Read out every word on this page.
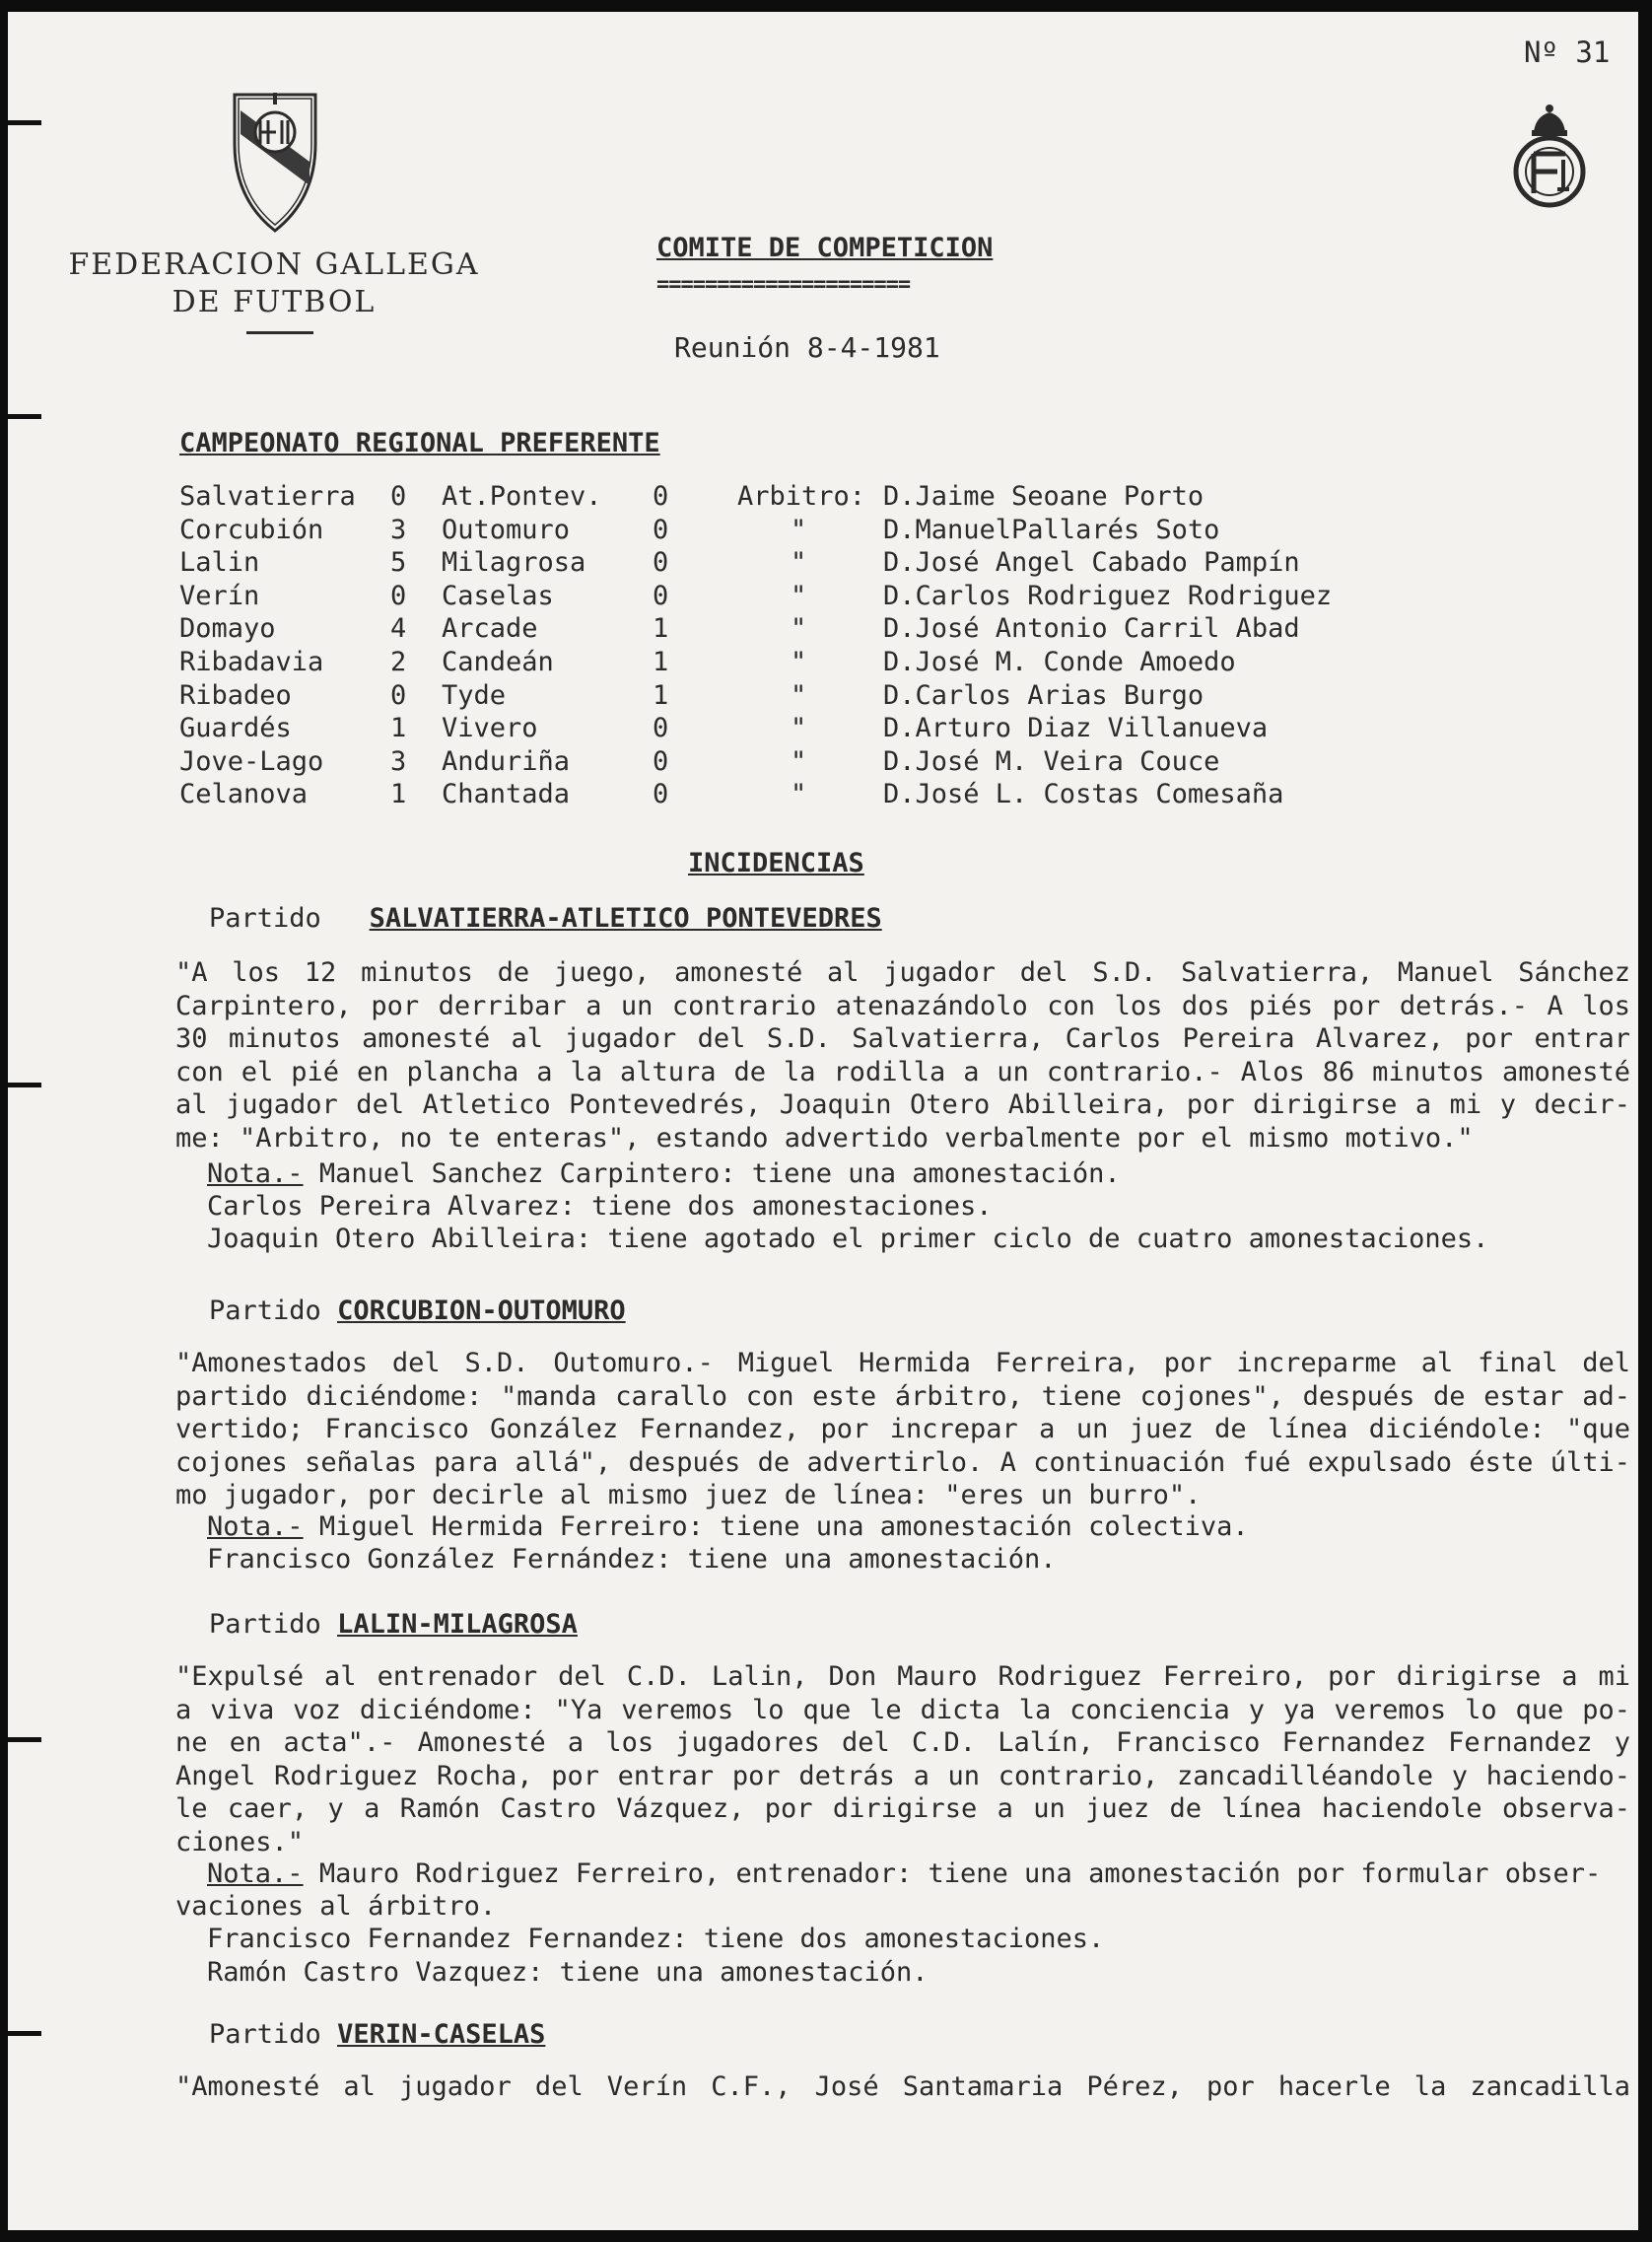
Nº 31
FEDERACION GALLEGA
DE FUTBOL
COMITE DE COMPETICION
=====================
Reunión 8-4-1981
CAMPEONATO REGIONAL PREFERENTE
Salvatierra 0 At.Pontev. 0	Arbitro: D.Jaime Seoane Porto
Corcubión	3 Outomuro	0	"	D.ManuelPallarés Soto
Lalin	5 Milagrosa	0	"	D.José Angel Cabado Pampín
Verín	0 Caselas	0	"	D.Carlos Rodriguez Rodriguez
Domayo	4 Arcade	1	"	D.José Antonio Carril Abad
Ribadavia	2 Candeán	1	"	D.José M. Conde Amoedo
Ribadeo	0 Tyde	1	"	D.Carlos Arias Burgo
Guardés	1 Vivero	0	"	D.Arturo Diaz Villanueva
Jove-Lago	3 Anduriña	0	"	D.José M. Veira Couce
Celanova	1 Chantada	0	"	D.José L. Costas Comesaña
INCIDENCIAS
Partido SALVATIERRA-ATLETICO PONTEVEDRES
"A los 12 minutos de juego, amonesté al jugador del S.D. Salvatierra, Manuel Sánchez
Carpintero, por derribar a un contrario atenazándolo con los dos piés por detrás.- A los
30 minutos amonesté al jugador del S.D. Salvatierra, Carlos Pereira Alvarez, por entrar
con el pié en plancha a la altura de la rodilla a un contrario.- Alos 86 minutos amonesté
al jugador del Atletico Pontevedrés, Joaquin Otero Abilleira, por dirigirse a mi y decir-
me: "Arbitro, no te enteras", estando advertido verbalmente por el mismo motivo."
Nota.- Manuel Sanchez Carpintero: tiene una amonestación.
Carlos Pereira Alvarez: tiene dos amonestaciones.
Joaquin Otero Abilleira: tiene agotado el primer ciclo de cuatro amonestaciones.
Partido CORCUBION-OUTOMURO
"Amonestados del S.D. Outomuro.- Miguel Hermida Ferreira, por increparme al final del
partido diciéndome: "manda carallo con este árbitro, tiene cojones", después de estar ad-
vertido; Francisco González Fernandez, por increpar a un juez de línea diciéndole: "que
cojones señalas para allá", después de advertirlo. A continuación fué expulsado éste últi-
mo jugador, por decirle al mismo juez de línea: "eres un burro".
Nota.- Miguel Hermida Ferreiro: tiene una amonestación colectiva.
Francisco González Fernández: tiene una amonestación.
Partido LALIN-MILAGROSA
"Expulsé al entrenador del C.D. Lalin, Don Mauro Rodriguez Ferreiro, por dirigirse a mi
a viva voz diciéndome: "Ya veremos lo que le dicta la conciencia y ya veremos lo que po-
ne en acta".- Amonesté a los jugadores del C.D. Lalín, Francisco Fernandez Fernandez y
Angel Rodriguez Rocha, por entrar por detrás a un contrario, zancadilléandole y haciendo-
le caer, y a Ramón Castro Vázquez, por dirigirse a un juez de línea haciendole observa-
ciones."
Nota.- Mauro Rodriguez Ferreiro, entrenador: tiene una amonestación por formular obser-
vaciones al árbitro.
Francisco Fernandez Fernandez: tiene dos amonestaciones.
Ramón Castro Vazquez: tiene una amonestación.
Partido VERIN-CASELAS
"Amonesté al jugador del Verín C.F., José Santamaria Pérez, por hacerle la zancadilla
